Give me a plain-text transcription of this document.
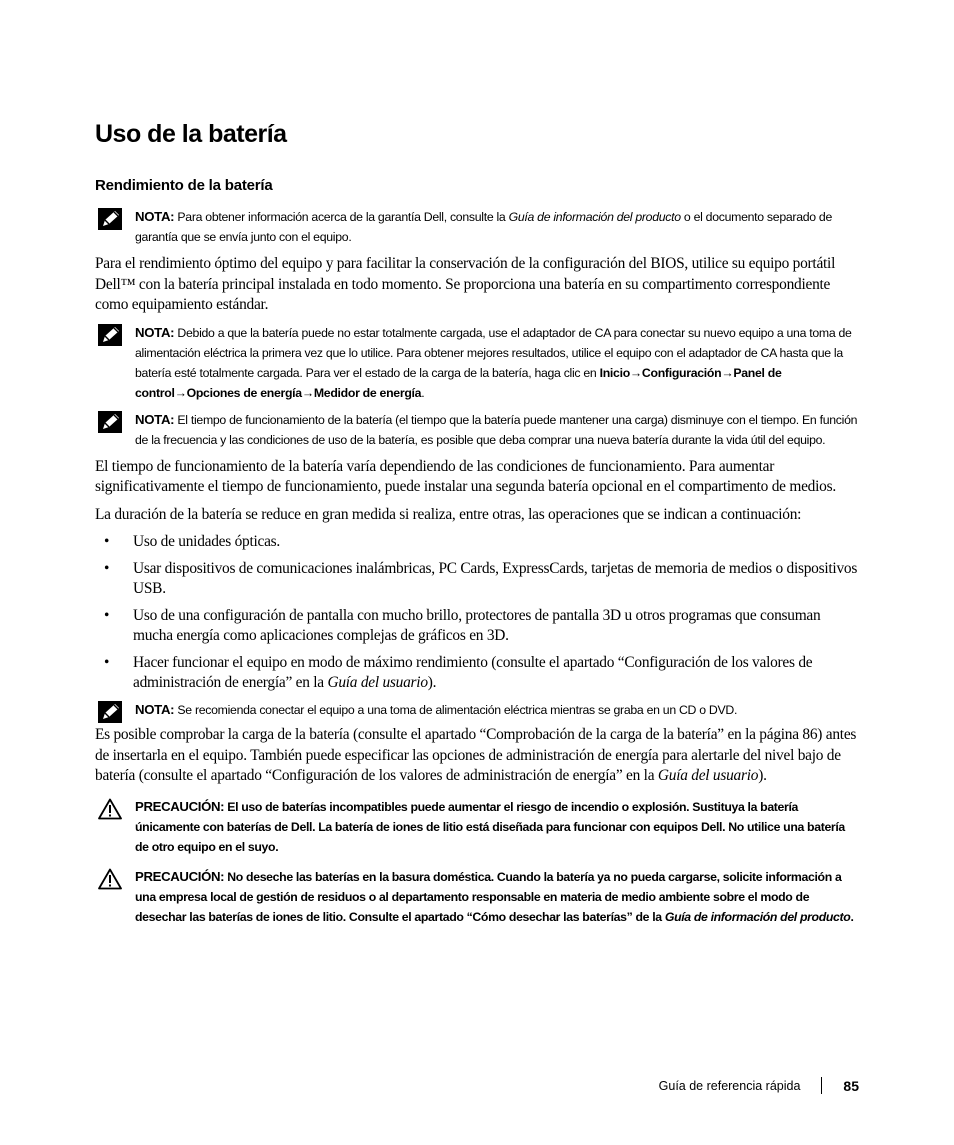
Uso de la batería
Rendimiento de la batería
NOTA: Para obtener información acerca de la garantía Dell, consulte la Guía de información del producto o el documento separado de garantía que se envía junto con el equipo.

Para el rendimiento óptimo del equipo y para facilitar la conservación de la configuración del BIOS, utilice su equipo portátil Dell™ con la batería principal instalada en todo momento. Se proporciona una batería en su compartimento correspondiente como equipamiento estándar.

NOTA: Debido a que la batería puede no estar totalmente cargada, use el adaptador de CA para conectar su nuevo equipo a una toma de alimentación eléctrica la primera vez que lo utilice. Para obtener mejores resultados, utilice el equipo con el adaptador de CA hasta que la batería esté totalmente cargada. Para ver el estado de la carga de la batería, haga clic en Inicio→Configuración→Panel de control→Opciones de energía→Medidor de energía.
NOTA: El tiempo de funcionamiento de la batería (el tiempo que la batería puede mantener una carga) disminuye con el tiempo. En función de la frecuencia y las condiciones de uso de la batería, es posible que deba comprar una nueva batería durante la vida útil del equipo.

El tiempo de funcionamiento de la batería varía dependiendo de las condiciones de funcionamiento. Para aumentar significativamente el tiempo de funcionamiento, puede instalar una segunda batería opcional en el compartimento de medios.

La duración de la batería se reduce en gran medida si realiza, entre otras, las operaciones que se indican a continuación:

• Uso de unidades ópticas.
• Usar dispositivos de comunicaciones inalámbricas, PC Cards, ExpressCards, tarjetas de memoria de medios o dispositivos USB.
• Uso de una configuración de pantalla con mucho brillo, protectores de pantalla 3D u otros programas que consuman mucha energía como aplicaciones complejas de gráficos en 3D.
• Hacer funcionar el equipo en modo de máximo rendimiento (consulte el apartado “Configuración de los valores de administración de energía” en la Guía del usuario).
NOTA: Se recomienda conectar el equipo a una toma de alimentación eléctrica mientras se graba en un CD o DVD.

Es posible comprobar la carga de la batería (consulte el apartado “Comprobación de la carga de la batería” en la página 86) antes de insertarla en el equipo. También puede especificar las opciones de administración de energía para alertarle del nivel bajo de batería (consulte el apartado “Configuración de los valores de administración de energía” en la Guía del usuario).

PRECAUCIÓN: El uso de baterías incompatibles puede aumentar el riesgo de incendio o explosión. Sustituya la batería únicamente con baterías de Dell. La batería de iones de litio está diseñada para funcionar con equipos Dell. No utilice una batería de otro equipo en el suyo.
PRECAUCIÓN: No deseche las baterías en la basura doméstica. Cuando la batería ya no pueda cargarse, solicite información a una empresa local de gestión de residuos o al departamento responsable en materia de medio ambiente sobre el modo de desechar las baterías de iones de litio. Consulte el apartado “Cómo desechar las baterías” de la Guía de información del producto.
Guía de referencia rápida	85
